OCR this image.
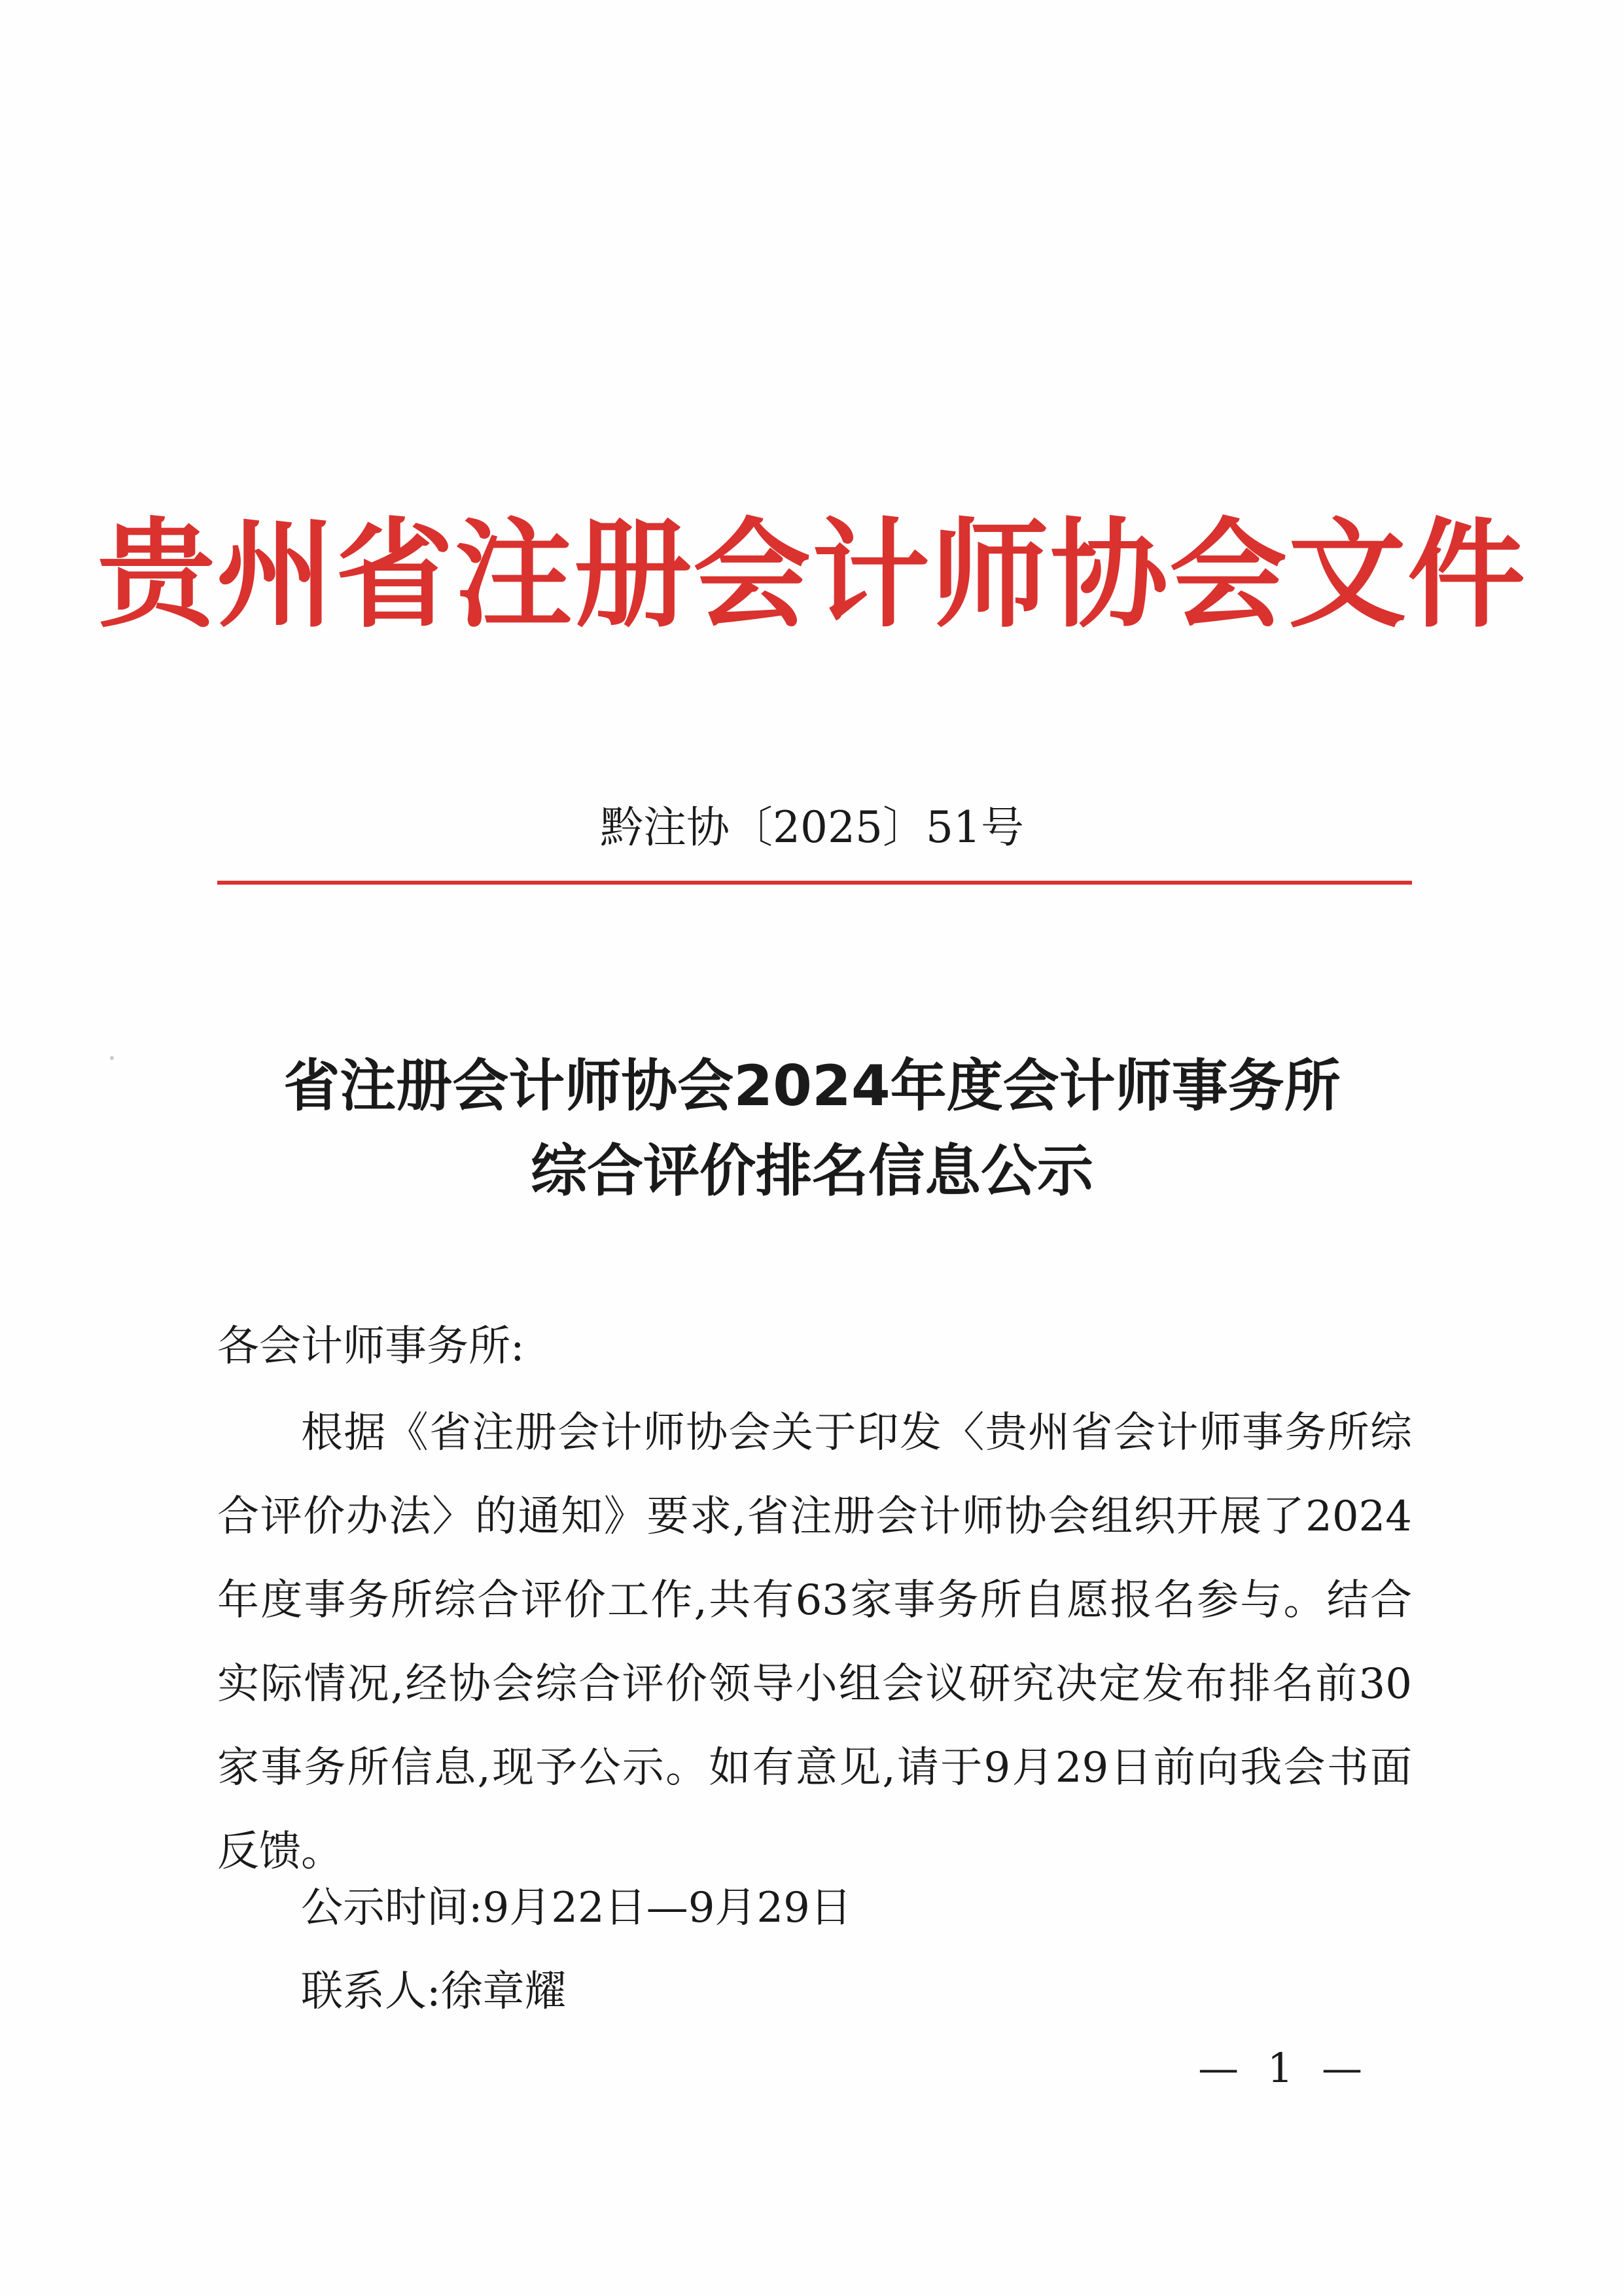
贵州省注册会计师协会文件
黔注协〔2025〕51号
省注册会计师协会2024年度会计师事务所
综合评价排名信息公示
各会计师事务所:

根据《省注册会计师协会关于印发〈贵州省会计师事务所综合评价办法〉的通知》要求,省注册会计师协会组织开展了2024年度事务所综合评价工作,共有63家事务所自愿报名参与。结合实际情况,经协会综合评价领导小组会议研究决定发布排名前30家事务所信息,现予公示。如有意见,请于9月29日前向我会书面反馈。

公示时间:9月22日—9月29日
联系人:徐章耀
— 1 —
